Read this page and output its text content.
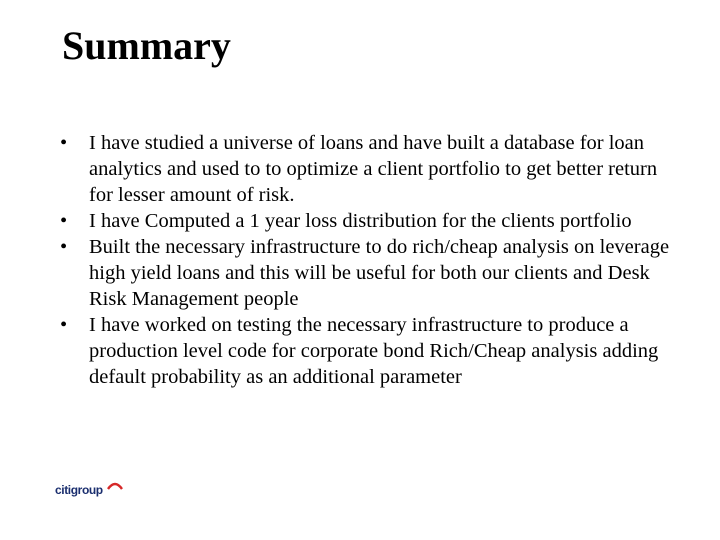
Summary
• I have studied a universe of loans and have built a database for loan analytics and used to to optimize a client portfolio to get better return for lesser amount of risk.
• I have Computed a 1 year loss distribution for the clients portfolio
• Built the necessary infrastructure to do rich/cheap analysis on leverage high yield loans and this will be useful for both our clients and Desk Risk Management people
• I have worked on testing the necessary infrastructure to produce a production level code for corporate bond Rich/Cheap analysis adding default probability as an additional parameter
citigroup
